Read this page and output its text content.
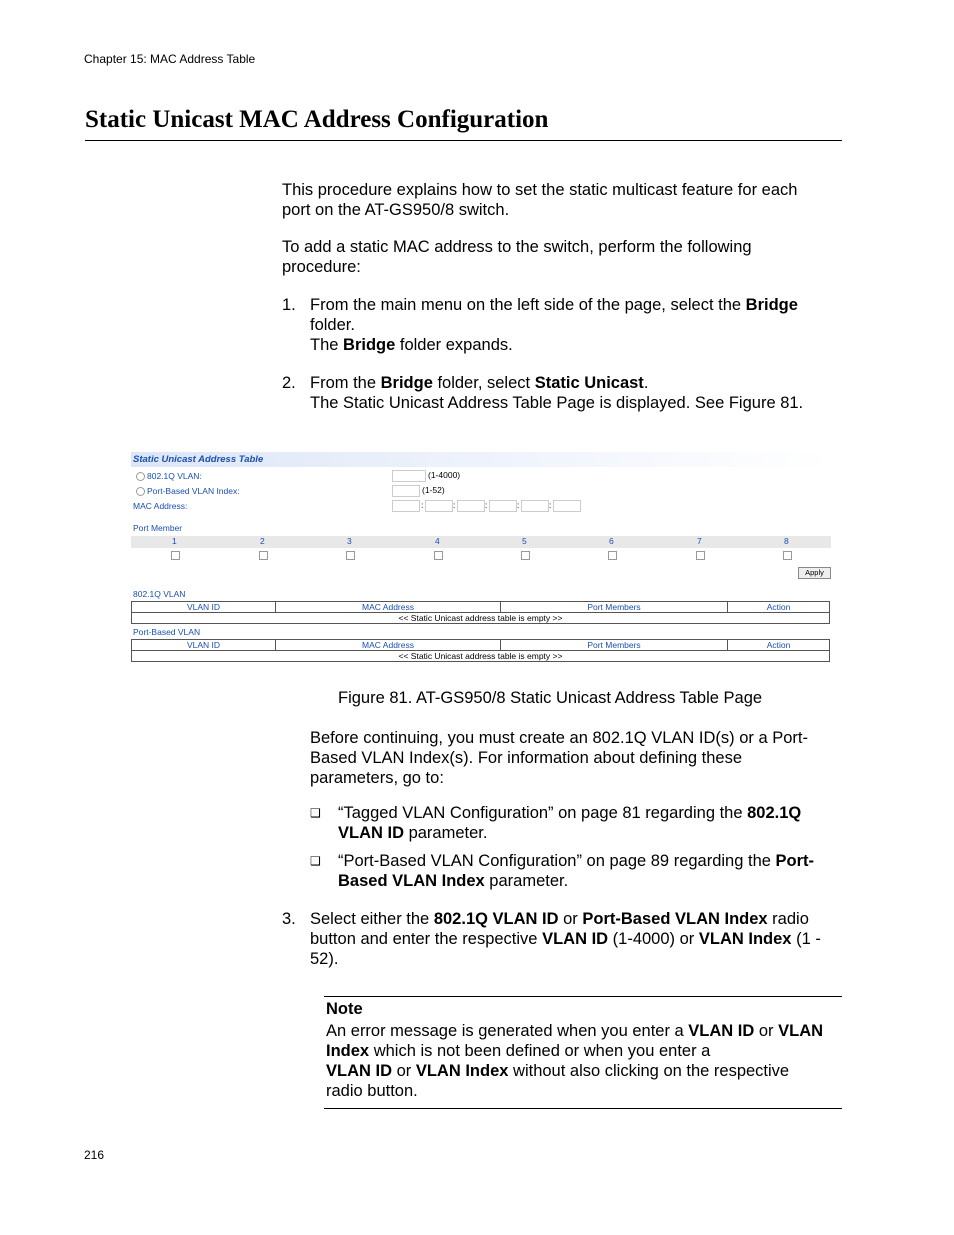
Chapter 15: MAC Address Table
Static Unicast MAC Address Configuration
This procedure explains how to set the static multicast feature for each
port on the AT-GS950/8 switch.
To add a static MAC address to the switch, perform the following
procedure:
1. From the main menu on the left side of the page, select the Bridge
folder.
The Bridge folder expands.
2. From the Bridge folder, select Static Unicast.
The Static Unicast Address Table Page is displayed. See Figure 81.
Static Unicast Address Table
802.1Q VLAN:	(1-4000)
Port-Based VLAN Index:	(1-52)
MAC Address:	:	:	:	:	:
Port Member
1	2	3	4	5	6	7	8
Apply
802.1Q VLAN
VLAN ID	MAC Address	Port Members	Action
<< Static Unicast address table is empty >>
Port-Based VLAN
VLAN ID	MAC Address	Port Members	Action
<< Static Unicast address table is empty >>
Figure 81. AT-GS950/8 Static Unicast Address Table Page
Before continuing, you must create an 802.1Q VLAN ID(s) or a Port-
Based VLAN Index(s). For information about defining these
parameters, go to:
❑ “Tagged VLAN Configuration” on page 81 regarding the 802.1Q
VLAN ID parameter.
❑ “Port-Based VLAN Configuration” on page 89 regarding the Port-
Based VLAN Index parameter.
3. Select either the 802.1Q VLAN ID or Port-Based VLAN Index radio
button and enter the respective VLAN ID (1-4000) or VLAN Index (1 -
52).
Note
An error message is generated when you enter a VLAN ID or VLAN
Index which is not been defined or when you enter a
VLAN ID or VLAN Index without also clicking on the respective
radio button.
216
